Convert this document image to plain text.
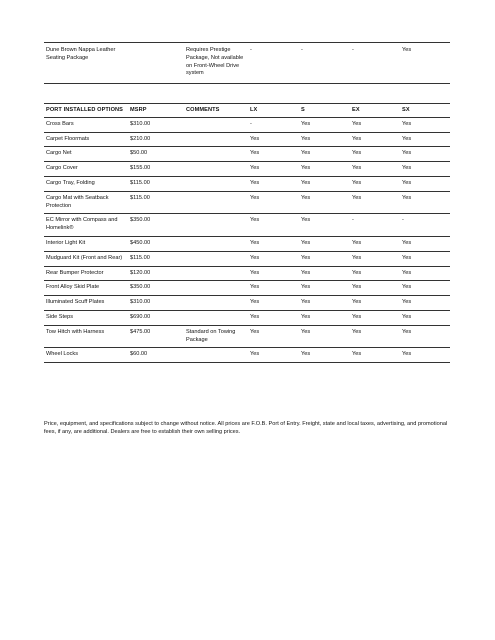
Dune Brown Nappa Leather Seating Package		Requires Prestige Package, Not available on Front-Wheel Drive system	-	-	-	Yes
PORT INSTALLED OPTIONS	MSRP	COMMENTS	LX	S	EX	SX
Cross Bars	$310.00		-	Yes	Yes	Yes
Carpet Floormats	$210.00		Yes	Yes	Yes	Yes
Cargo Net	$50.00		Yes	Yes	Yes	Yes
Cargo Cover	$155.00		Yes	Yes	Yes	Yes
Cargo Tray, Folding	$115.00		Yes	Yes	Yes	Yes
Cargo Mat with Seatback Protection	$115.00		Yes	Yes	Yes	Yes
EC Mirror with Compass and Homelink®	$350.00		Yes	Yes	-	-
Interior Light Kit	$450.00		Yes	Yes	Yes	Yes
Mudguard Kit (Front and Rear)	$115.00		Yes	Yes	Yes	Yes
Rear Bumper Protector	$120.00		Yes	Yes	Yes	Yes
Front Alloy Skid Plate	$350.00		Yes	Yes	Yes	Yes
Illuminated Scuff Plates	$310.00		Yes	Yes	Yes	Yes
Side Steps	$690.00		Yes	Yes	Yes	Yes
Tow Hitch with Harness	$475.00	Standard on Towing Package	Yes	Yes	Yes	Yes
Wheel Locks	$60.00		Yes	Yes	Yes	Yes
Price, equipment, and specifications subject to change without notice. All prices are F.O.B. Port of Entry. Freight, state and local taxes, advertising, and promotional fees, if any, are additional. Dealers are free to establish their own selling prices.
